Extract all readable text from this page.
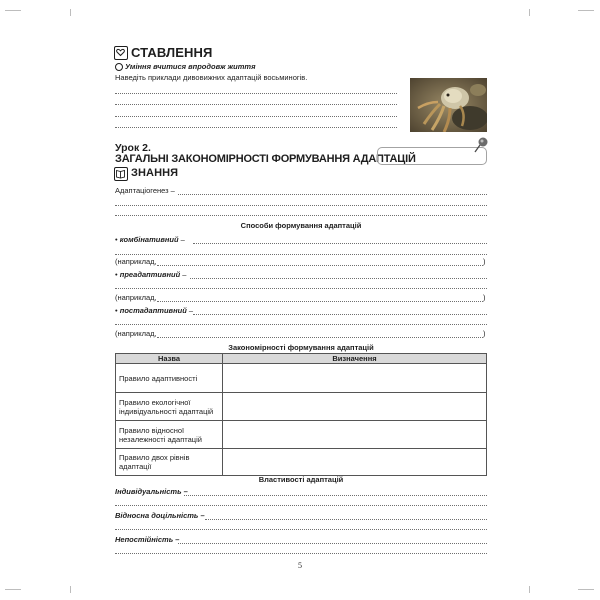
СТАВЛЕННЯ
Уміння вчитися впродовж життя
Наведіть приклади дивовижних адаптацій восьминогів.
Урок 2.
ЗАГАЛЬНІ ЗАКОНОМІРНОСТІ ФОРМУВАННЯ АДАПТАЦІЙ
ЗНАННЯ
Адаптаціогенез –
Способи формування адаптацій
• комбінативний –
(наприклад,	)
• преадаптивний –
(наприклад,	)
• постадаптивний –
(наприклад,	)
Закономірності формування адаптацій
Назва	Визначення
Правило адаптивності	
Правило екологічної індивідуальності адаптацій	
Правило відносної незалежності адаптацій	
Правило двох рівнів адаптації	
Властивості адаптацій
Індивідуальність –
Відносна доцільність –
Непостійність –
5
